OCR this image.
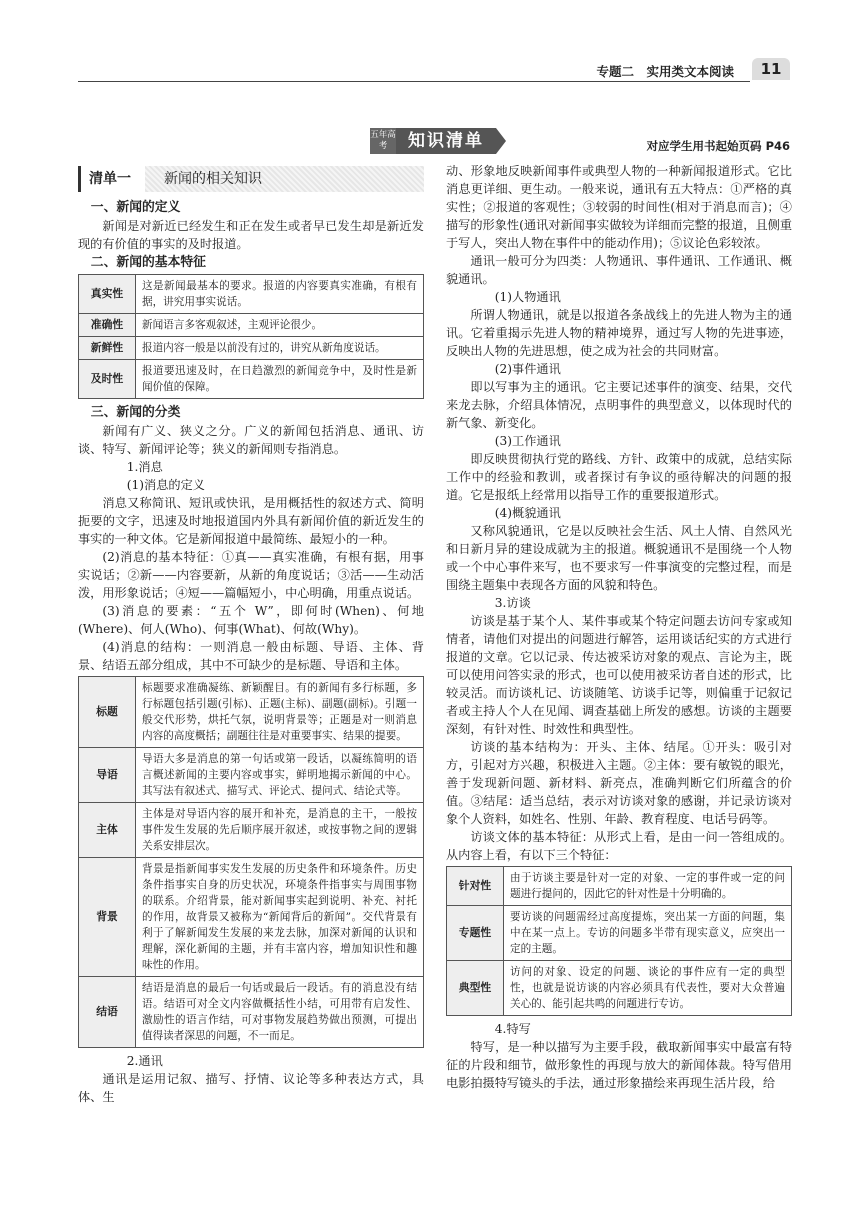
专题二　实用类文本阅读	11
五年高考	知识清单	对应学生用书起始页码 P46
清单一	新闻的相关知识
一、新闻的定义

新闻是对新近已经发生和正在发生或者早已发生却是新近发现的有价值的事实的及时报道。

二、新闻的基本特征
真实性	这是新闻最基本的要求。报道的内容要真实准确，有根有据，讲究用事实说话。
准确性	新闻语言多客观叙述，主观评论很少。
新鲜性	报道内容一般是以前没有过的，讲究从新角度说话。
及时性	报道要迅速及时，在日趋激烈的新闻竞争中，及时性是新闻价值的保障。
三、新闻的分类

新闻有广义、狭义之分。广义的新闻包括消息、通讯、访谈、特写、新闻评论等；狭义的新闻则专指消息。

1.消息

(1)消息的定义

消息又称简讯、短讯或快讯，是用概括性的叙述方式、简明扼要的文字，迅速及时地报道国内外具有新闻价值的新近发生的事实的一种文体。它是新闻报道中最简练、最短小的一种。

(2)消息的基本特征：①真——真实准确，有根有据，用事实说话；②新——内容要新，从新的角度说话；③活——生动活泼，用形象说话；④短——篇幅短小，中心明确，用重点说话。

(3)消息的要素：“五个 W”，即何时(When)、何地(Where)、何人(Who)、何事(What)、何故(Why)。

(4)消息的结构：一则消息一般由标题、导语、主体、背景、结语五部分组成，其中不可缺少的是标题、导语和主体。

标题	标题要求准确凝练、新颖醒目。有的新闻有多行标题，多行标题包括引题(引标)、正题(主标)、副题(副标)。引题一般交代形势，烘托气氛，说明背景等；正题是对一则消息内容的高度概括；副题往往是对重要事实、结果的提要。
导语	导语大多是消息的第一句话或第一段话，以凝练简明的语言概述新闻的主要内容或事实，鲜明地揭示新闻的中心。其写法有叙述式、描写式、评论式、提问式、结论式等。
主体	主体是对导语内容的展开和补充，是消息的主干，一般按事件发生发展的先后顺序展开叙述，或按事物之间的逻辑关系安排层次。
背景	背景是指新闻事实发生发展的历史条件和环境条件。历史条件指事实自身的历史状况，环境条件指事实与周围事物的联系。介绍背景，能对新闻事实起到说明、补充、衬托的作用，故背景又被称为“新闻背后的新闻”。交代背景有利于了解新闻发生发展的来龙去脉，加深对新闻的认识和理解，深化新闻的主题，并有丰富内容，增加知识性和趣味性的作用。
结语	结语是消息的最后一句话或最后一段话。有的消息没有结语。结语可对全文内容做概括性小结，可用带有启发性、激励性的语言作结，可对事物发展趋势做出预测，可提出值得读者深思的问题，不一而足。

2.通讯

通讯是运用记叙、描写、抒情、议论等多种表达方式，具体、生

动、形象地反映新闻事件或典型人物的一种新闻报道形式。它比消息更详细、更生动。一般来说，通讯有五大特点：①严格的真实性；②报道的客观性；③较弱的时间性(相对于消息而言)；④描写的形象性(通讯对新闻事实做较为详细而完整的报道，且侧重于写人，突出人物在事件中的能动作用)；⑤议论色彩较浓。

通讯一般可分为四类：人物通讯、事件通讯、工作通讯、概貌通讯。

(1)人物通讯

所谓人物通讯，就是以报道各条战线上的先进人物为主的通讯。它着重揭示先进人物的精神境界，通过写人物的先进事迹，反映出人物的先进思想，使之成为社会的共同财富。

(2)事件通讯

即以写事为主的通讯。它主要记述事件的演变、结果，交代来龙去脉，介绍具体情况，点明事件的典型意义，以体现时代的新气象、新变化。

(3)工作通讯

即反映贯彻执行党的路线、方针、政策中的成就，总结实际工作中的经验和教训，或者探讨有争议的亟待解决的问题的报道。它是报纸上经常用以指导工作的重要报道形式。

(4)概貌通讯

又称风貌通讯，它是以反映社会生活、风土人情、自然风光和日新月异的建设成就为主的报道。概貌通讯不是围绕一个人物或一个中心事件来写，也不要求写一件事演变的完整过程，而是围绕主题集中表现各方面的风貌和特色。

3.访谈

访谈是基于某个人、某件事或某个特定问题去访问专家或知情者，请他们对提出的问题进行解答，运用谈话纪实的方式进行报道的文章。它以记录、传达被采访对象的观点、言论为主，既可以使用问答实录的形式，也可以使用被采访者自述的形式，比较灵活。而访谈札记、访谈随笔、访谈手记等，则偏重于记叙记者或主持人个人在见闻、调查基础上所发的感想。访谈的主题要深刻，有针对性、时效性和典型性。

访谈的基本结构为：开头、主体、结尾。①开头：吸引对方，引起对方兴趣，积极进入主题。②主体：要有敏锐的眼光，善于发现新问题、新材料、新亮点，准确判断它们所蕴含的价值。③结尾：适当总结，表示对访谈对象的感谢，并记录访谈对象个人资料，如姓名、性别、年龄、教育程度、电话号码等。

访谈文体的基本特征：从形式上看，是由一问一答组成的。从内容上看，有以下三个特征：

针对性	由于访谈主要是针对一定的对象、一定的事件或一定的问题进行提问的，因此它的针对性是十分明确的。
专题性	要访谈的问题需经过高度提炼，突出某一方面的问题，集中在某一点上。专访的问题多半带有现实意义，应突出一定的主题。
典型性	访问的对象、设定的问题、谈论的事件应有一定的典型性，也就是说访谈的内容必须具有代表性，要对大众普遍关心的、能引起共鸣的问题进行专访。

4.特写

特写，是一种以描写为主要手段，截取新闻事实中最富有特征的片段和细节，做形象性的再现与放大的新闻体裁。特写借用电影拍摄特写镜头的手法，通过形象描绘来再现生活片段，给
